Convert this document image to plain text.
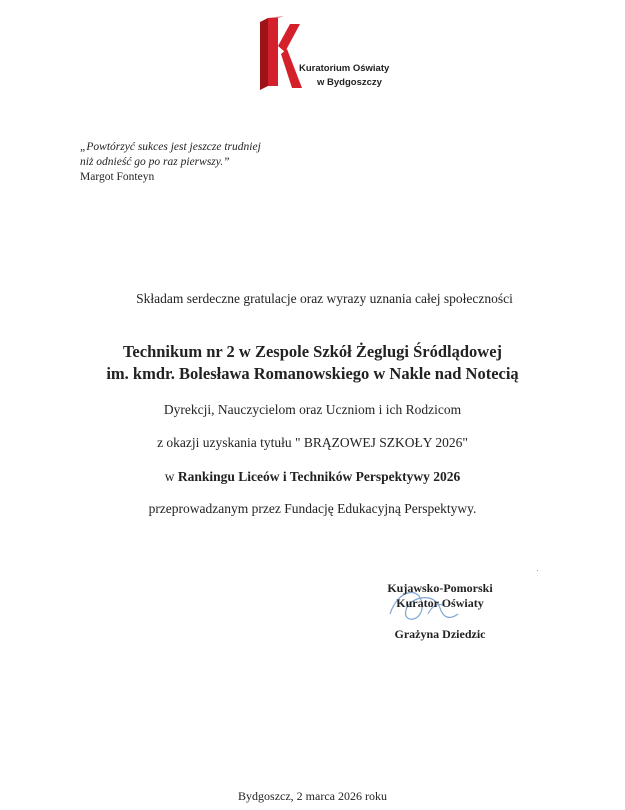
Kuratorium Oświaty
w Bydgoszczy
„Powtórzyć sukces jest jeszcze trudniej
niż odnieść go po raz pierwszy.”
Margot Fonteyn
Składam serdeczne gratulacje oraz wyrazy uznania całej społeczności
Technikum nr 2 w Zespole Szkół Żeglugi Śródlądowej
im. kmdr. Bolesława Romanowskiego w Nakle nad Notecią
Dyrekcji, Nauczycielom oraz Uczniom i ich Rodzicom
z okazji uzyskania tytułu " BRĄZOWEJ SZKOŁY 2026"
w Rankingu Liceów i Techników Perspektywy 2026
przeprowadzanym przez Fundację Edukacyjną Perspektywy.
Kujawsko-Pomorski
Kurator Oświaty
Grażyna Dziedzic
Bydgoszcz, 2 marca 2026 roku
